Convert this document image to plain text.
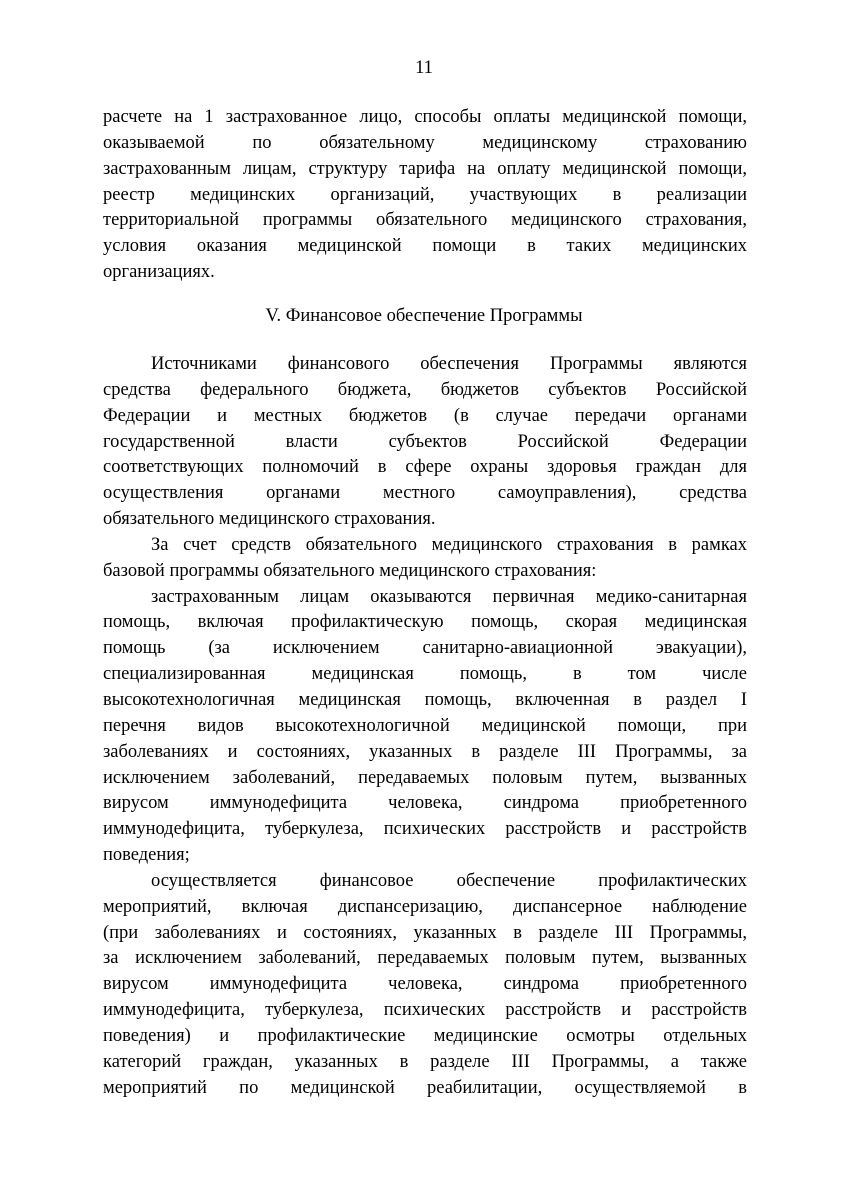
11
расчете на 1 застрахованное лицо, способы оплаты медицинской помощи,
оказываемой по обязательному медицинскому страхованию
застрахованным лицам, структуру тарифа на оплату медицинской помощи,
реестр медицинских организаций, участвующих в реализации
территориальной программы обязательного медицинского страхования,
условия оказания медицинской помощи в таких медицинских
организациях.
V. Финансовое обеспечение Программы
Источниками финансового обеспечения Программы являются
средства федерального бюджета, бюджетов субъектов Российской
Федерации и местных бюджетов (в случае передачи органами
государственной власти субъектов Российской Федерации
соответствующих полномочий в сфере охраны здоровья граждан для
осуществления органами местного самоуправления), средства
обязательного медицинского страхования.
За счет средств обязательного медицинского страхования в рамках
базовой программы обязательного медицинского страхования:
застрахованным лицам оказываются первичная медико-санитарная
помощь, включая профилактическую помощь, скорая медицинская
помощь (за исключением санитарно-авиационной эвакуации),
специализированная медицинская помощь, в том числе
высокотехнологичная медицинская помощь, включенная в раздел I
перечня видов высокотехнологичной медицинской помощи, при
заболеваниях и состояниях, указанных в разделе III Программы, за
исключением заболеваний, передаваемых половым путем, вызванных
вирусом иммунодефицита человека, синдрома приобретенного
иммунодефицита, туберкулеза, психических расстройств и расстройств
поведения;
осуществляется финансовое обеспечение профилактических
мероприятий, включая диспансеризацию, диспансерное наблюдение
(при заболеваниях и состояниях, указанных в разделе III Программы,
за исключением заболеваний, передаваемых половым путем, вызванных
вирусом иммунодефицита человека, синдрома приобретенного
иммунодефицита, туберкулеза, психических расстройств и расстройств
поведения) и профилактические медицинские осмотры отдельных
категорий граждан, указанных в разделе III Программы, а также
мероприятий по медицинской реабилитации, осуществляемой в
